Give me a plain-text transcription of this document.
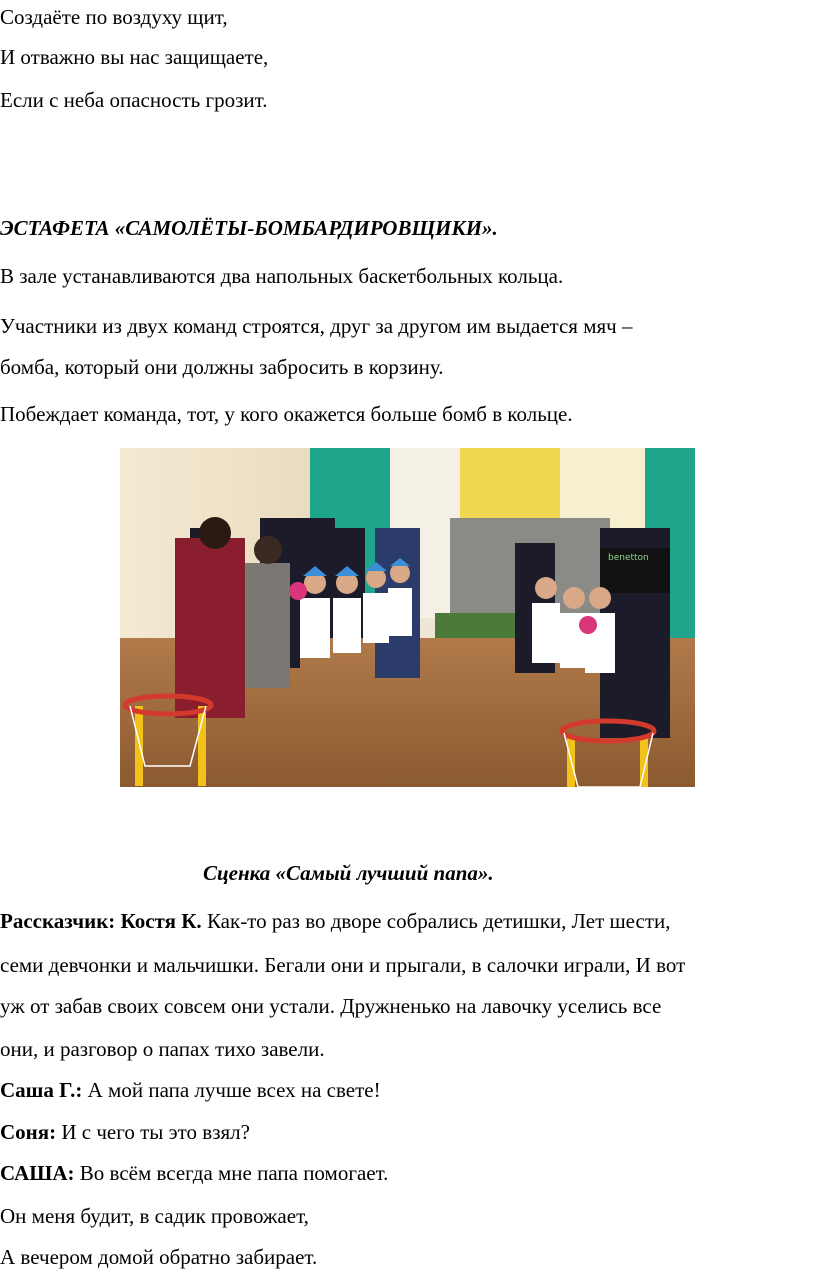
Создаёте по воздуху щит,
И отважно вы нас защищаете,
Если с неба опасность грозит.
ЭСТАФЕТА «САМОЛЁТЫ-БОМБАРДИРОВЩИКИ».
В зале устанавливаются два напольных баскетбольных кольца.
Участники из двух команд строятся, друг за другом им выдается мяч –
бомба, который они должны забросить в корзину.
Побеждает команда, тот, у кого окажется больше бомб в кольце.
benetton
Сценка «Самый лучший папа».
Рассказчик: Костя К. Как-то раз во дворе собрались детишки, Лет шести,
семи девчонки и мальчишки. Бегали они и прыгали, в салочки играли, И вот
уж от забав своих совсем они устали. Дружненько на лавочку уселись все
они, и разговор о папах тихо завели.
Саша Г.: А мой папа лучше всех на свете!
Соня: И с чего ты это взял?
САША: Во всём всегда мне папа помогает.
Он меня будит, в садик провожает,
А вечером домой обратно забирает.
